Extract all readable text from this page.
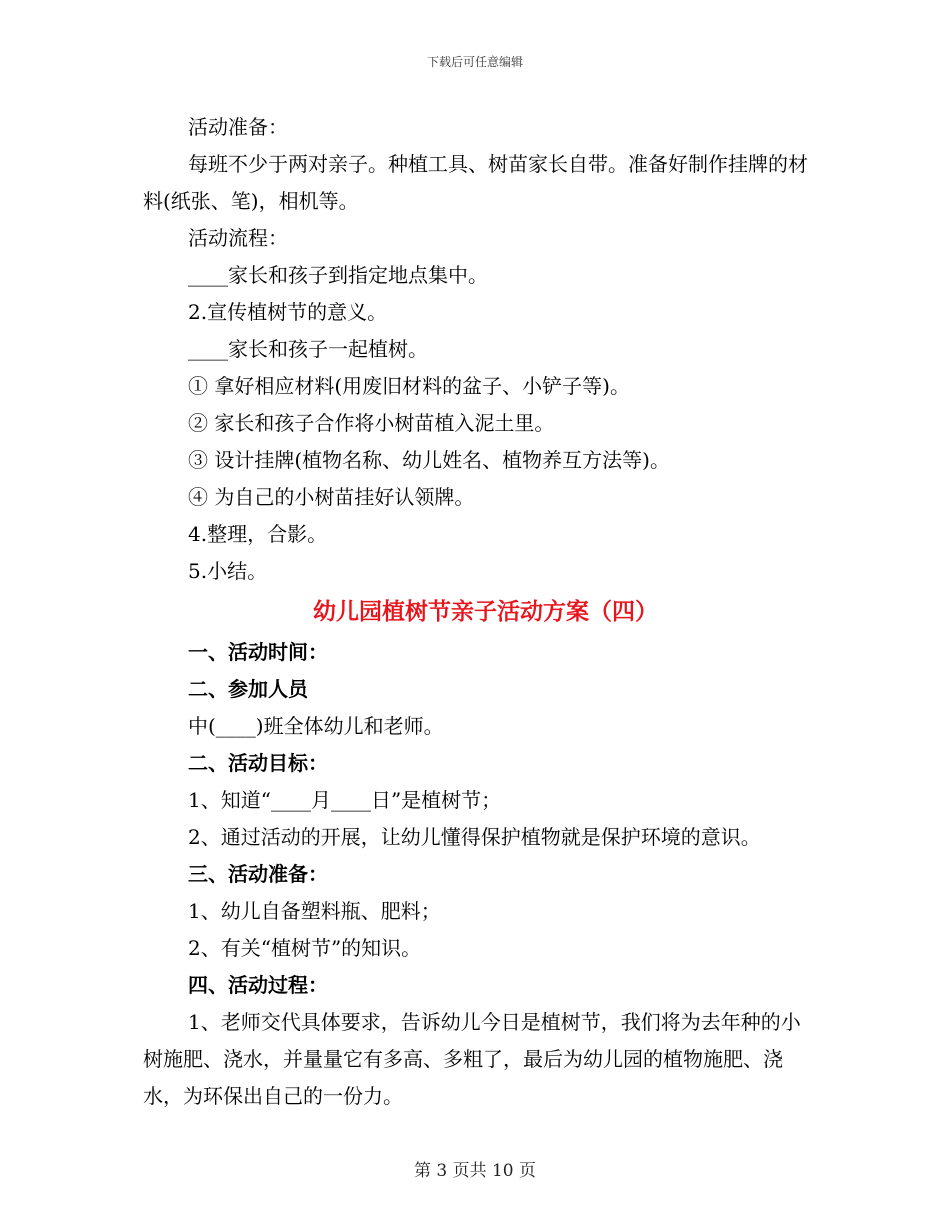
下载后可任意编辑

活动准备：

每班不少于两对亲子。种植工具、树苗家长自带。准备好制作挂牌的材料(纸张、笔)，相机等。

活动流程：

____家长和孩子到指定地点集中。

2.宣传植树节的意义。

____家长和孩子一起植树。

① 拿好相应材料(用废旧材料的盆子、小铲子等)。

② 家长和孩子合作将小树苗植入泥土里。

③ 设计挂牌(植物名称、幼儿姓名、植物养互方法等)。

④ 为自己的小树苗挂好认领牌。

4.整理，合影。

5.小结。

幼儿园植树节亲子活动方案（四）

一、活动时间：

二、参加人员

中(____)班全体幼儿和老师。

二、活动目标：

1、知道“____月____日”是植树节；

2、通过活动的开展，让幼儿懂得保护植物就是保护环境的意识。

三、活动准备：

1、幼儿自备塑料瓶、肥料；

2、有关“植树节”的知识。

四、活动过程：

1、老师交代具体要求，告诉幼儿今日是植树节，我们将为去年种的小树施肥、浇水，并量量它有多高、多粗了，最后为幼儿园的植物施肥、浇水，为环保出自己的一份力。

第 3 页共 10 页
